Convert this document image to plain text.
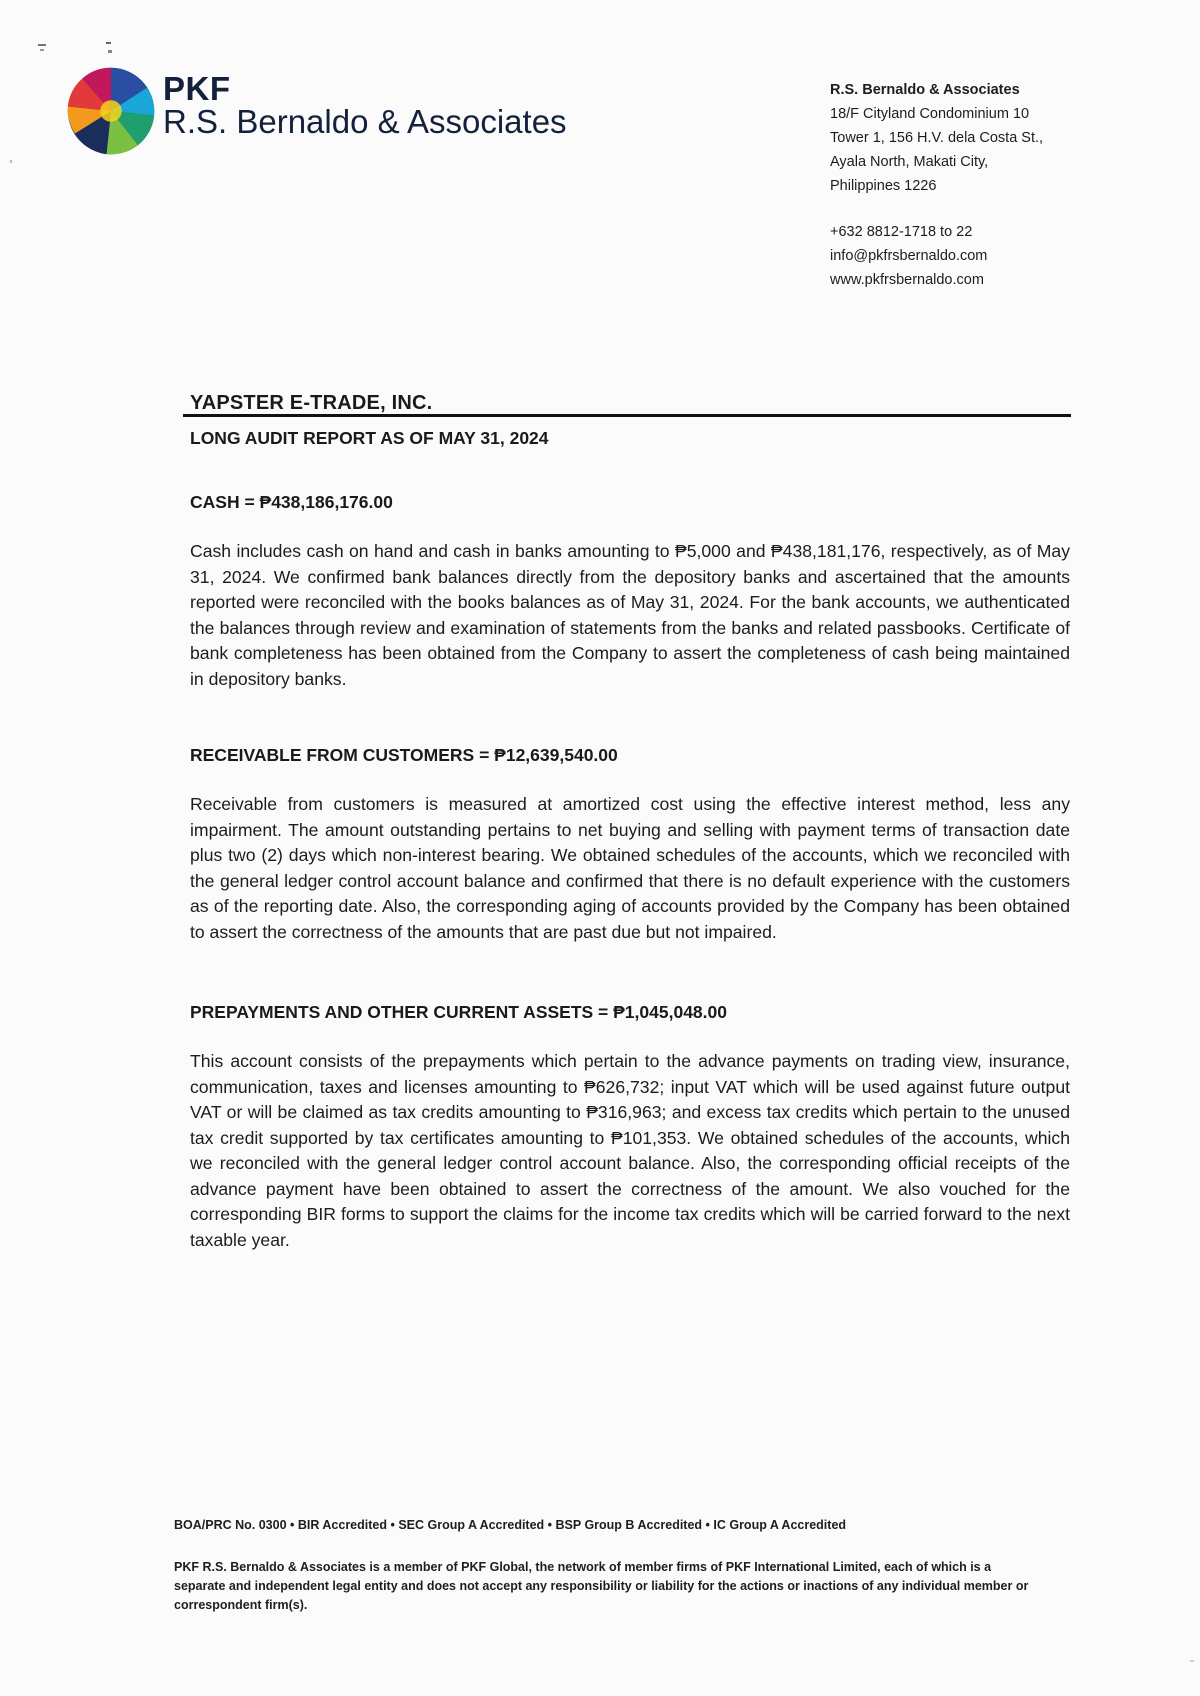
PKF
R.S. Bernaldo & Associates
R.S. Bernaldo & Associates
18/F Cityland Condominium 10
Tower 1, 156 H.V. dela Costa St.,
Ayala North, Makati City,
Philippines 1226
+632 8812-1718 to 22
info@pkfrsbernaldo.com
www.pkfrsbernaldo.com
YAPSTER E-TRADE, INC.
LONG AUDIT REPORT AS OF MAY 31, 2024
CASH = ₱438,186,176.00

Cash includes cash on hand and cash in banks amounting to ₱5,000 and ₱438,181,176, respectively, as of May 31, 2024. We confirmed bank balances directly from the depository banks and ascertained that the amounts reported were reconciled with the books balances as of May 31, 2024. For the bank accounts, we authenticated the balances through review and examination of statements from the banks and related passbooks. Certificate of bank completeness has been obtained from the Company to assert the completeness of cash being maintained in depository banks.

RECEIVABLE FROM CUSTOMERS = ₱12,639,540.00

Receivable from customers is measured at amortized cost using the effective interest method, less any impairment. The amount outstanding pertains to net buying and selling with payment terms of transaction date plus two (2) days which non-interest bearing. We obtained schedules of the accounts, which we reconciled with the general ledger control account balance and confirmed that there is no default experience with the customers as of the reporting date. Also, the corresponding aging of accounts provided by the Company has been obtained to assert the correctness of the amounts that are past due but not impaired.

PREPAYMENTS AND OTHER CURRENT ASSETS = ₱1,045,048.00

This account consists of the prepayments which pertain to the advance payments on trading view, insurance, communication, taxes and licenses amounting to ₱626,732; input VAT which will be used against future output VAT or will be claimed as tax credits amounting to ₱316,963; and excess tax credits which pertain to the unused tax credit supported by tax certificates amounting to ₱101,353. We obtained schedules of the accounts, which we reconciled with the general ledger control account balance. Also, the corresponding official receipts of the advance payment have been obtained to assert the correctness of the amount. We also vouched for the corresponding BIR forms to support the claims for the income tax credits which will be carried forward to the next taxable year.

BOA/PRC No. 0300 • BIR Accredited • SEC Group A Accredited • BSP Group B Accredited • IC Group A Accredited
PKF R.S. Bernaldo & Associates is a member of PKF Global, the network of member firms of PKF International Limited, each of which is a separate and independent legal entity and does not accept any responsibility or liability for the actions or inactions of any individual member or correspondent firm(s).
